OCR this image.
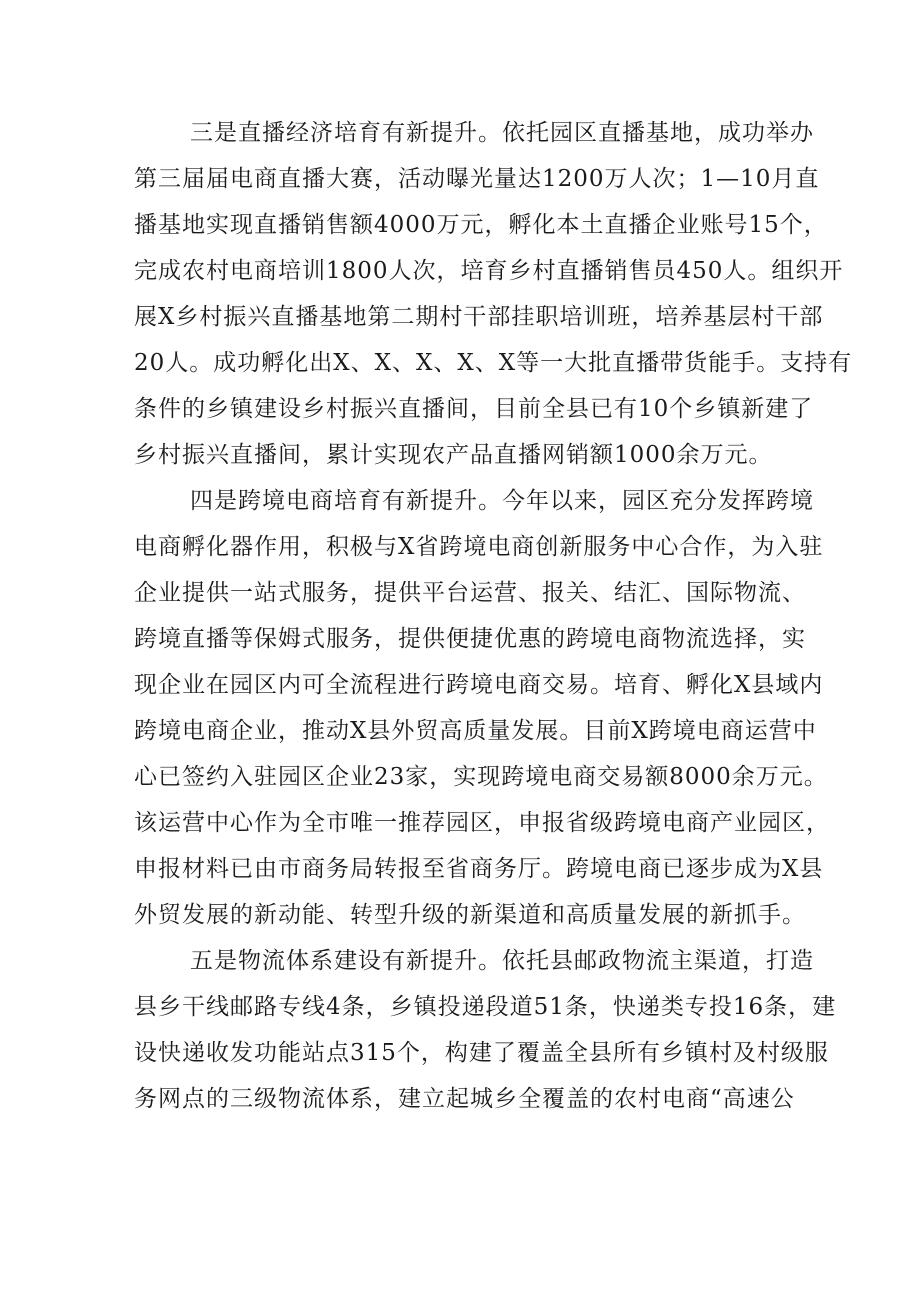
三是直播经济培育有新提升。依托园区直播基地，成功举办
第三届届电商直播大赛，活动曝光量达1200万人次；1—10月直
播基地实现直播销售额4000万元，孵化本土直播企业账号15个，
完成农村电商培训1800人次，培育乡村直播销售员450人。组织开
展X乡村振兴直播基地第二期村干部挂职培训班，培养基层村干部
20人。成功孵化出X、X、X、X、X等一大批直播带货能手。支持有
条件的乡镇建设乡村振兴直播间，目前全县已有10个乡镇新建了
乡村振兴直播间，累计实现农产品直播网销额1000余万元。

四是跨境电商培育有新提升。今年以来，园区充分发挥跨境
电商孵化器作用，积极与X省跨境电商创新服务中心合作，为入驻
企业提供一站式服务，提供平台运营、报关、结汇、国际物流、
跨境直播等保姆式服务，提供便捷优惠的跨境电商物流选择，实
现企业在园区内可全流程进行跨境电商交易。培育、孵化X县域内
跨境电商企业，推动X县外贸高质量发展。目前X跨境电商运营中
心已签约入驻园区企业23家，实现跨境电商交易额8000余万元。
该运营中心作为全市唯一推荐园区，申报省级跨境电商产业园区，
申报材料已由市商务局转报至省商务厅。跨境电商已逐步成为X县
外贸发展的新动能、转型升级的新渠道和高质量发展的新抓手。

五是物流体系建设有新提升。依托县邮政物流主渠道，打造
县乡干线邮路专线4条，乡镇投递段道51条，快递类专投16条，建
设快递收发功能站点315个，构建了覆盖全县所有乡镇村及村级服
务网点的三级物流体系，建立起城乡全覆盖的农村电商“高速公
